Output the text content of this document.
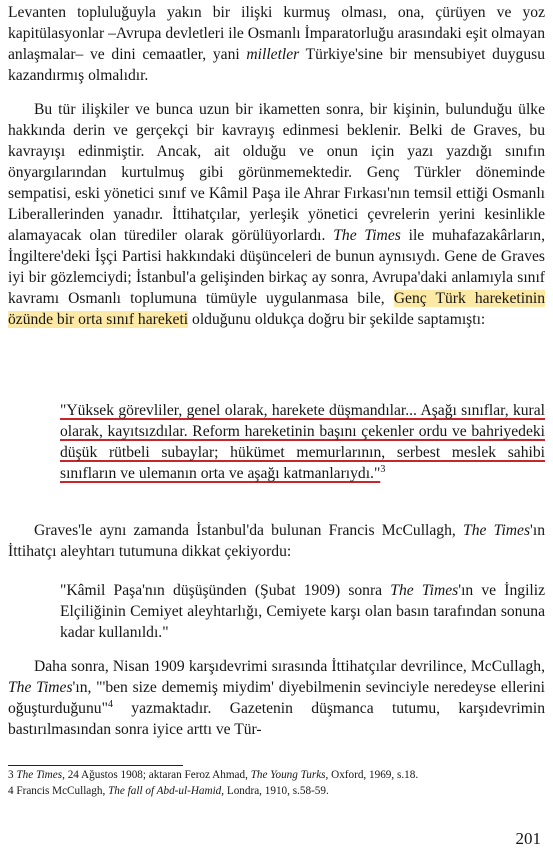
Levanten topluluğuyla yakın bir ilişki kurmuş olması, ona, çürüyen ve yoz kapitülasyonlar –Avrupa devletleri ile Osmanlı İmparatorluğu arasındaki eşit olmayan anlaşmalar– ve dini cemaatler, yani milletler Türkiye'sine bir mensubiyet duygusu kazandırmış olmalıdır.

Bu tür ilişkiler ve bunca uzun bir ikametten sonra, bir kişinin, bulunduğu ülke hakkında derin ve gerçekçi bir kavrayış edinmesi beklenir. Belki de Graves, bu kavrayışı edinmiştir. Ancak, ait olduğu ve onun için yazı yazdığı sınıfın önyargılarından kurtulmuş gibi görünmemektedir. Genç Türkler döneminde sempatisi, eski yönetici sınıf ve Kâmil Paşa ile Ahrar Fırkası'nın temsil ettiği Osmanlı Liberallerinden yanadır. İttihatçılar, yerleşik yönetici çevrelerin yerini kesinlikle alamayacak olan türediler olarak görülüyorlardı. The Times ile muhafazakârların, İngiltere'deki İşçi Partisi hakkındaki düşünceleri de bunun aynısıydı. Gene de Graves iyi bir gözlemciydi; İstanbul'a gelişinden birkaç ay sonra, Avrupa'daki anlamıyla sınıf kavramı Osmanlı toplumuna tümüyle uygulanmasa bile, Genç Türk hareketinin özünde bir orta sınıf hareketi olduğunu oldukça doğru bir şekilde saptamıştı:

"Yüksek görevliler, genel olarak, harekete düşmandılar... Aşağı sınıflar, kural olarak, kayıtsızdılar. Reform hareketinin başını çekenler ordu ve bahriyedeki düşük rütbeli subaylar; hükümet memurlarının, serbest meslek sahibi sınıfların ve ulemanın orta ve aşağı katmanlarıydı."$^3$

Graves'le aynı zamanda İstanbul'da bulunan Francis McCullagh, The Times'ın İttihatçı aleyhtarı tutumuna dikkat çekiyordu:

"Kâmil Paşa'nın düşüşünden (Şubat 1909) sonra The Times'ın ve İngiliz Elçiliğinin Cemiyet aleyhtarlığı, Cemiyete karşı olan basın tarafından sonuna kadar kullanıldı."

Daha sonra, Nisan 1909 karşıdevrimi sırasında İttihatçılar devrilince, McCullagh, The Times'ın, "'ben size dememiş miydim' diyebilmenin sevinciyle neredeyse ellerini oğuşturduğunu"$^4$ yazmaktadır. Gazetenin düşmanca tutumu, karşıdevrimin bastırılmasından sonra iyice arttı ve Tür-

3 The Times, 24 Ağustos 1908; aktaran Feroz Ahmad, The Young Turks, Oxford, 1969, s.18.
4 Francis McCullagh, The fall of Abd-ul-Hamid, Londra, 1910, s.58-59.
201
